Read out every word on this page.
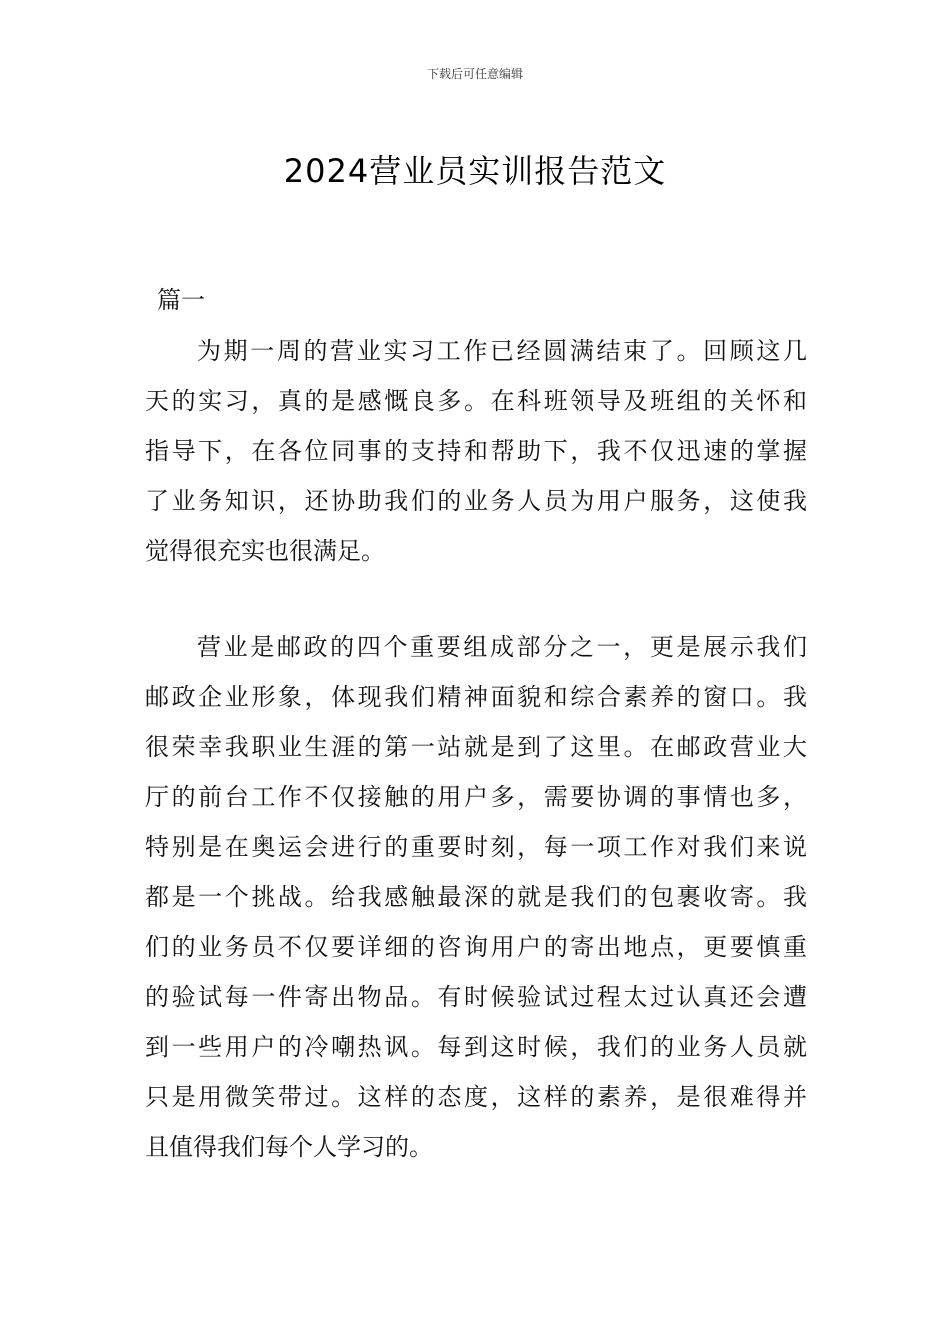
下载后可任意编辑
2024营业员实训报告范文
篇一
为期一周的营业实习工作已经圆满结束了。回顾这几
天的实习，真的是感慨良多。在科班领导及班组的关怀和
指导下，在各位同事的支持和帮助下，我不仅迅速的掌握
了业务知识，还协助我们的业务人员为用户服务，这使我
觉得很充实也很满足。
营业是邮政的四个重要组成部分之一，更是展示我们
邮政企业形象，体现我们精神面貌和综合素养的窗口。我
很荣幸我职业生涯的第一站就是到了这里。在邮政营业大
厅的前台工作不仅接触的用户多，需要协调的事情也多，
特别是在奥运会进行的重要时刻，每一项工作对我们来说
都是一个挑战。给我感触最深的就是我们的包裹收寄。我
们的业务员不仅要详细的咨询用户的寄出地点，更要慎重
的验试每一件寄出物品。有时候验试过程太过认真还会遭
到一些用户的冷嘲热讽。每到这时候，我们的业务人员就
只是用微笑带过。这样的态度，这样的素养，是很难得并
且值得我们每个人学习的。
